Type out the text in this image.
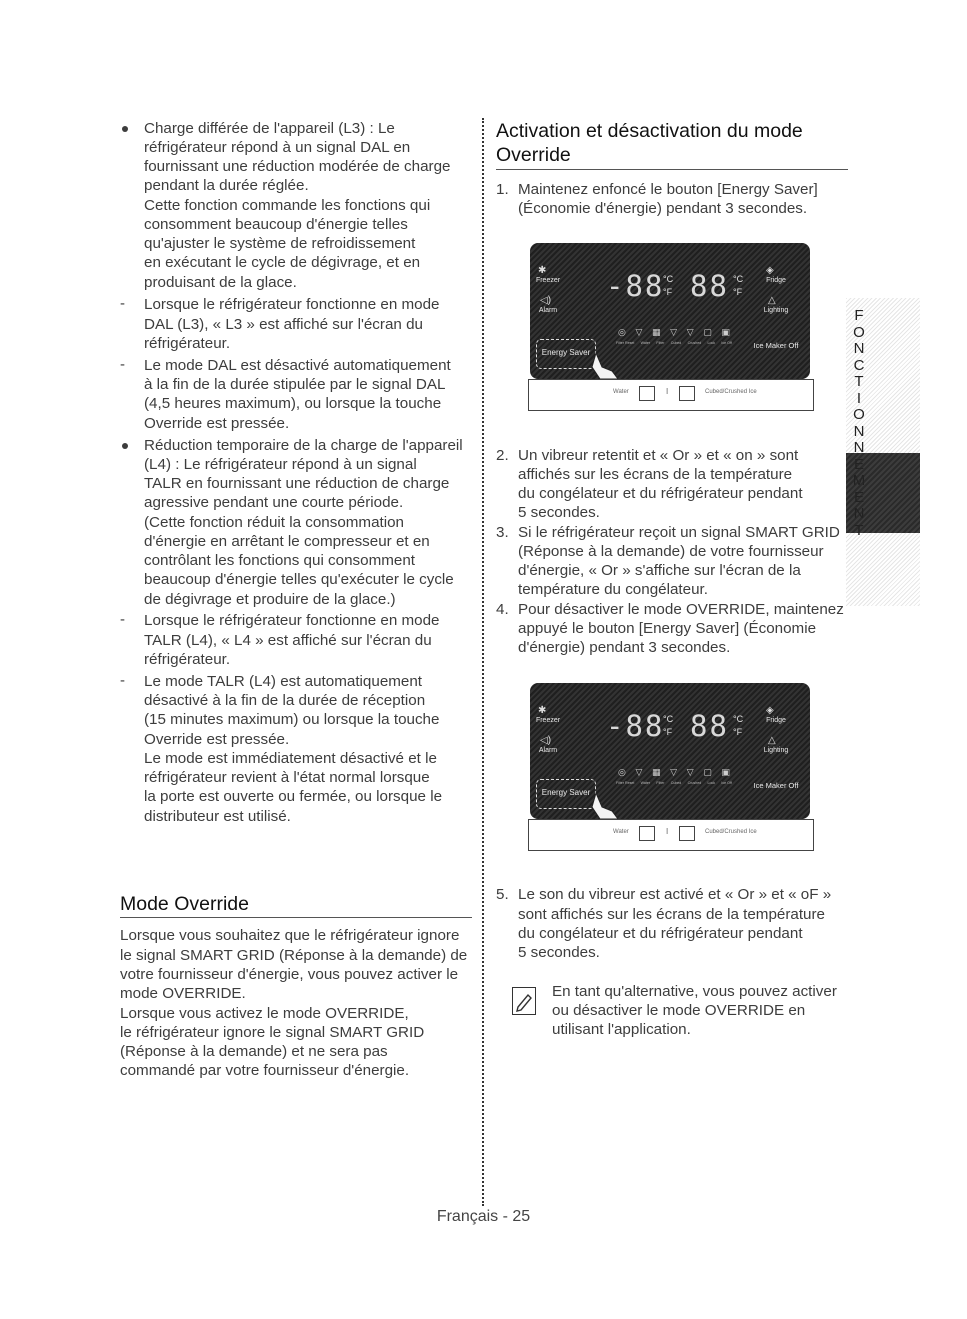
Charge différée de l'appareil (L3) : Le
réfrigérateur répond à un signal DAL en
fournissant une réduction modérée de charge
pendant la durée réglée.
Cette fonction commande les fonctions qui
consomment beaucoup d'énergie telles
qu'ajuster le système de refroidissement
en exécutant le cycle de dégivrage, et en
produisant de la glace.
- Lorsque le réfrigérateur fonctionne en mode
DAL (L3), « L3 » est affiché sur l'écran du
réfrigérateur.
- Le mode DAL est désactivé automatiquement
à la fin de la durée stipulée par le signal DAL
(4,5 heures maximum), ou lorsque la touche
Override est pressée.
Réduction temporaire de la charge de l'appareil
(L4) : Le réfrigérateur répond à un signal
TALR en fournissant une réduction de charge
agressive pendant une courte période.
(Cette fonction réduit la consommation
d'énergie en arrêtant le compresseur et en
contrôlant les fonctions qui consomment
beaucoup d'énergie telles qu'exécuter le cycle
de dégivrage et produire de la glace.)
- Lorsque le réfrigérateur fonctionne en mode
TALR (L4), « L4 » est affiché sur l'écran du
réfrigérateur.
- Le mode TALR (L4) est automatiquement
désactivé à la fin de la durée de réception
(15 minutes maximum) ou lorsque la touche
Override est pressée.
Le mode est immédiatement désactivé et le
réfrigérateur revient à l'état normal lorsque
la porte est ouverte ou fermée, ou lorsque le
distributeur est utilisé.
Mode Override
Lorsque vous souhaitez que le réfrigérateur ignore
le signal SMART GRID (Réponse à la demande) de
votre fournisseur d'énergie, vous pouvez activer le
mode OVERRIDE.
Lorsque vous activez le mode OVERRIDE,
le réfrigérateur ignore le signal SMART GRID
(Réponse à la demande) et ne sera pas
commandé par votre fournisseur d'énergie.
Activation et désactivation du mode
Override
1. Maintenez enfoncé le bouton [Energy Saver]
(Économie d'énergie) pendant 3 secondes.
✱
Freezer
◁)
Alarm
-88
°C
°F 88 °C
°F
◈
Fridge
△
Lighting
◎ ▽ ▦ ▽ ▽ ▢ ▣
Filter Reset Water Filter Cubed Crushed Lock Ice Off
Energy Saver
Ice Maker Off
Water	I	Cubed/Crushed Ice
2. Un vibreur retentit et « Or » et « on » sont
affichés sur les écrans de la température
du congélateur et du réfrigérateur pendant
5 secondes.
3. Si le réfrigérateur reçoit un signal SMART GRID
(Réponse à la demande) de votre fournisseur
d'énergie, « Or » s'affiche sur l'écran de la
température du congélateur.
4. Pour désactiver le mode OVERRIDE, maintenez
appuyé le bouton [Energy Saver] (Économie
d'énergie) pendant 3 secondes.
✱
Freezer
◁)
Alarm
-88
°C
°F 88 °C
°F
◈
Fridge
△
Lighting
◎ ▽ ▦ ▽ ▽ ▢ ▣
Filter Reset Water Filter Cubed Crushed Lock Ice Off
Energy Saver
Ice Maker Off
Water	I	Cubed/Crushed Ice
5. Le son du vibreur est activé et « Or » et « oF »
sont affichés sur les écrans de la température
du congélateur et du réfrigérateur pendant
5 secondes.
En tant qu'alternative, vous pouvez activer
ou désactiver le mode OVERRIDE en
utilisant l'application.
F
O
N
C
T
I
O
N
N
E
M
E
N
T
Français - 25
